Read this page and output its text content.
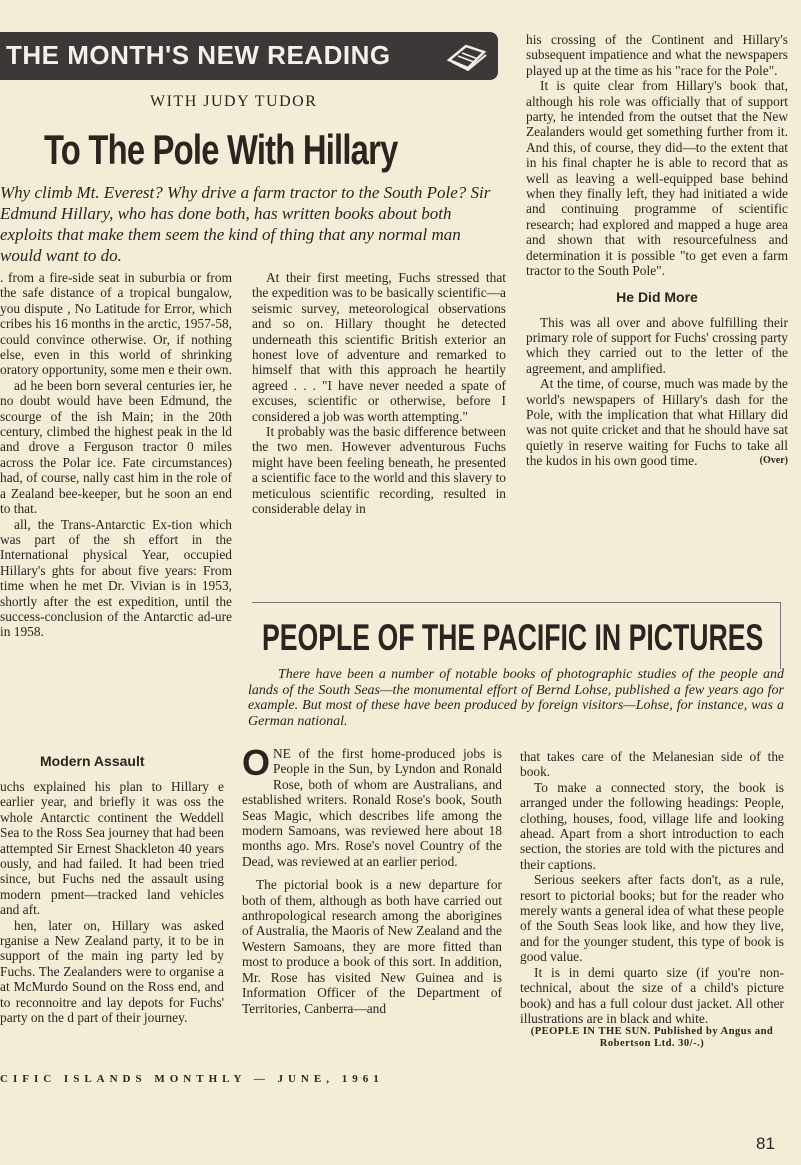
THE MONTH'S NEW READING
WITH JUDY TUDOR
To The Pole With Hillary

Why climb Mt. Everest? Why drive a farm tractor to the South Pole? Sir Edmund Hillary, who has done both, has written books about both exploits that make them seem the kind of thing that any normal man would want to do.

. from a fire-side seat in suburbia or from the safe distance of a tropical bungalow, you dispute , No Latitude for Error, which cribes his 16 months in the arctic, 1957-58, could convince otherwise. Or, if nothing else, even in this world of shrinking oratory opportunity, some men e their own.

ad he been born several centuries ier, he no doubt would have been Edmund, the scourge of the ish Main; in the 20th century, climbed the highest peak in the ld and drove a Ferguson tractor 0 miles across the Polar ice. Fate circumstances) had, of course, nally cast him in the role of a Zealand bee-keeper, but he soon an end to that.

all, the Trans-Antarctic Ex-tion which was part of the sh effort in the International physical Year, occupied Hillary's ghts for about five years: From time when he met Dr. Vivian is in 1953, shortly after the est expedition, until the success-conclusion of the Antarctic ad-ure in 1958.

Modern Assault

uchs explained his plan to Hillary e earlier year, and briefly it was oss the whole Antarctic continent the Weddell Sea to the Ross Sea journey that had been attempted Sir Ernest Shackleton 40 years ously, and had failed. It had been tried since, but Fuchs ned the assault using modern pment—tracked land vehicles and aft.

hen, later on, Hillary was asked rganise a New Zealand party, it to be in support of the main ing party led by Fuchs. The Zealanders were to organise a at McMurdo Sound on the Ross end, and to reconnoitre and lay depots for Fuchs' party on the d part of their journey.

At their first meeting, Fuchs stressed that the expedition was to be basically scientific—a seismic survey, meteorological observations and so on. Hillary thought he detected underneath this scientific British exterior an honest love of adventure and remarked to himself that with this approach he heartily agreed . . . "I have never needed a spate of excuses, scientific or otherwise, before I considered a job was worth attempting."

It probably was the basic difference between the two men. However adventurous Fuchs might have been feeling beneath, he presented a scientific face to the world and this slavery to meticulous scientific recording, resulted in considerable delay in

his crossing of the Continent and Hillary's subsequent impatience and what the newspapers played up at the time as his "race for the Pole".

It is quite clear from Hillary's book that, although his role was officially that of support party, he intended from the outset that the New Zealanders would get something further from it. And this, of course, they did—to the extent that in his final chapter he is able to record that as well as leaving a well-equipped base behind when they finally left, they had initiated a wide and continuing programme of scientific research; had explored and mapped a huge area and shown that with resourcefulness and determination it is possible "to get even a farm tractor to the South Pole".

He Did More

This was all over and above fulfilling their primary role of support for Fuchs' crossing party which they carried out to the letter of the agreement, and amplified.

At the time, of course, much was made by the world's newspapers of Hillary's dash for the Pole, with the implication that what Hillary did was not quite cricket and that he should have sat quietly in reserve waiting for Fuchs to take all the kudos in his own good time.	(Over)
PEOPLE OF THE PACIFIC IN PICTURES

There have been a number of notable books of photographic studies of the people and lands of the South Seas—the monumental effort of Bernd Lohse, published a few years ago for example. But most of these have been produced by foreign visitors—Lohse, for instance, was a German national.

ONE of the first home-produced jobs is People in the Sun, by Lyndon and Ronald Rose, both of whom are Australians, and established writers. Ronald Rose's book, South Seas Magic, which describes life among the modern Samoans, was reviewed here about 18 months ago. Mrs. Rose's novel Country of the Dead, was reviewed at an earlier period.

The pictorial book is a new departure for both of them, although as both have carried out anthropological research among the aborigines of Australia, the Maoris of New Zealand and the Western Samoans, they are more fitted than most to produce a book of this sort. In addition, Mr. Rose has visited New Guinea and is Information Officer of the Department of Territories, Canberra—and

that takes care of the Melanesian side of the book.

To make a connected story, the book is arranged under the following headings: People, clothing, houses, food, village life and looking ahead. Apart from a short introduction to each section, the stories are told with the pictures and their captions.

Serious seekers after facts don't, as a rule, resort to pictorial books; but for the reader who merely wants a general idea of what these people of the South Seas look like, and how they live, and for the younger student, this type of book is good value.

It is in demi quarto size (if you're non-technical, about the size of a child's picture book) and has a full colour dust jacket. All other illustrations are in black and white.

(PEOPLE IN THE SUN. Published by Angus and Robertson Ltd. 30/-.)

CIFIC ISLANDS MONTHLY — JUNE, 1961
81
